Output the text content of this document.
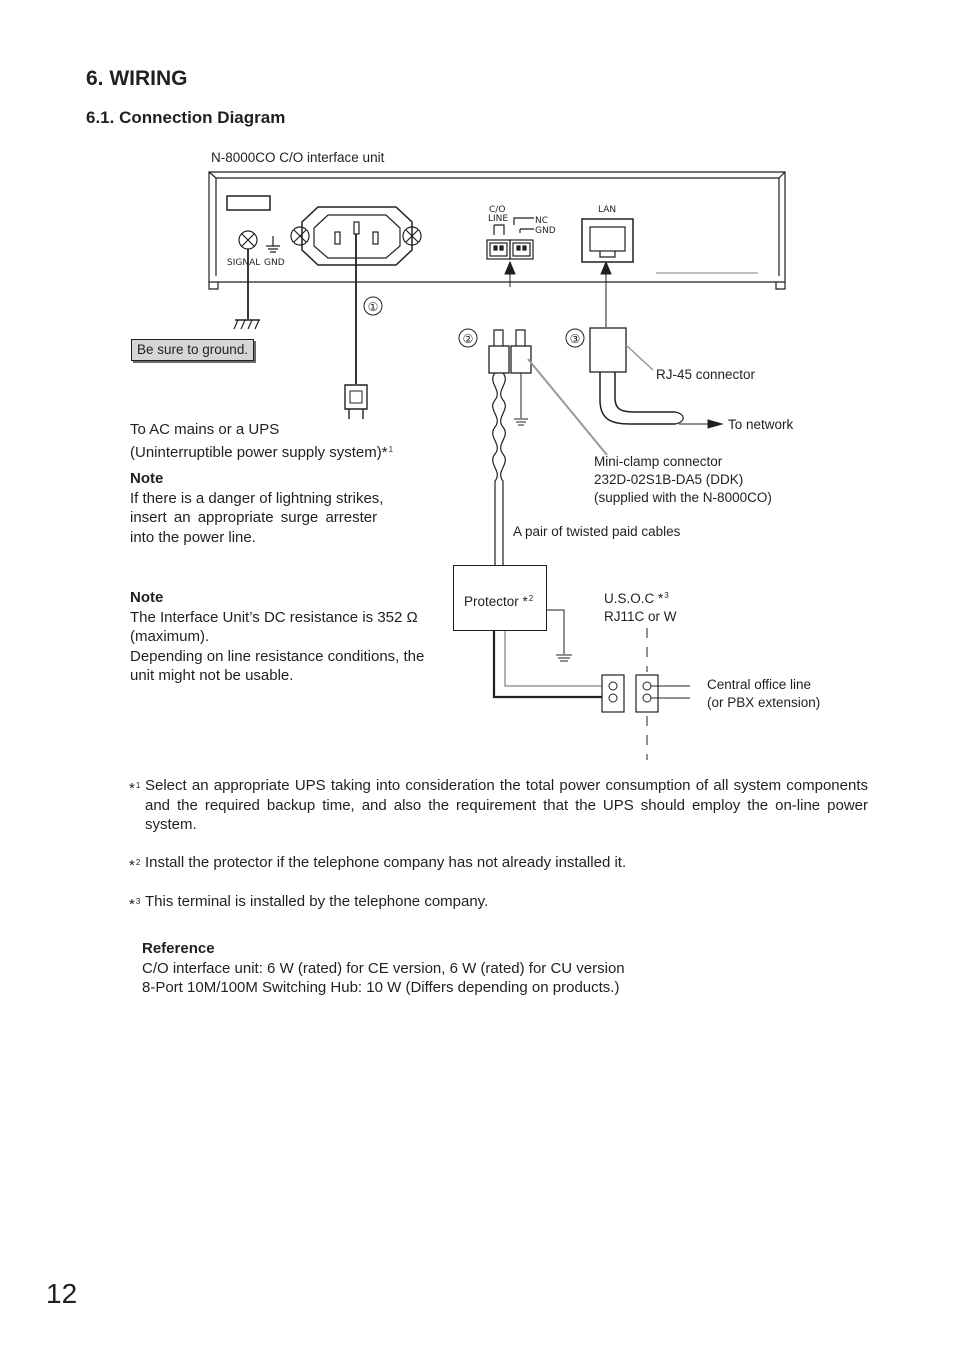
6. WIRING
6.1. Connection Diagram
SIGNAL GND
C/O
LINE	NC
GND
LAN
①
②	③
N-8000CO C/O interface unit
Be sure to ground.
RJ-45 connector
To network
To AC mains or a UPS
(Uninterruptible power supply system)*$^1$
Mini-clamp connector
232D-02S1B-DA5 (DDK)
(supplied with the N-8000CO)
Note
If there is a danger of lightning strikes,
insert an appropriate surge arrester
into the power line.	A pair of twisted paid cables
Protector *$^2$	U.S.O.C *$^3$
RJ11C or W
Note
The Interface Unit’s DC resistance is 352 Ω
(maximum).
Depending on line resistance conditions, the
unit might not be usable.
Central office line
(or PBX extension)
*$^1$ Select an appropriate UPS taking into consideration the total power consumption of all system components and the required backup time, and also the requirement that the UPS should employ the on-line power system.
*$^2$ Install the protector if the telephone company has not already installed it.
*$^3$ This terminal is installed by the telephone company.
Reference
C/O interface unit: 6 W (rated) for CE version, 6 W (rated) for CU version
8-Port 10M/100M Switching Hub: 10 W (Differs depending on products.)
12
